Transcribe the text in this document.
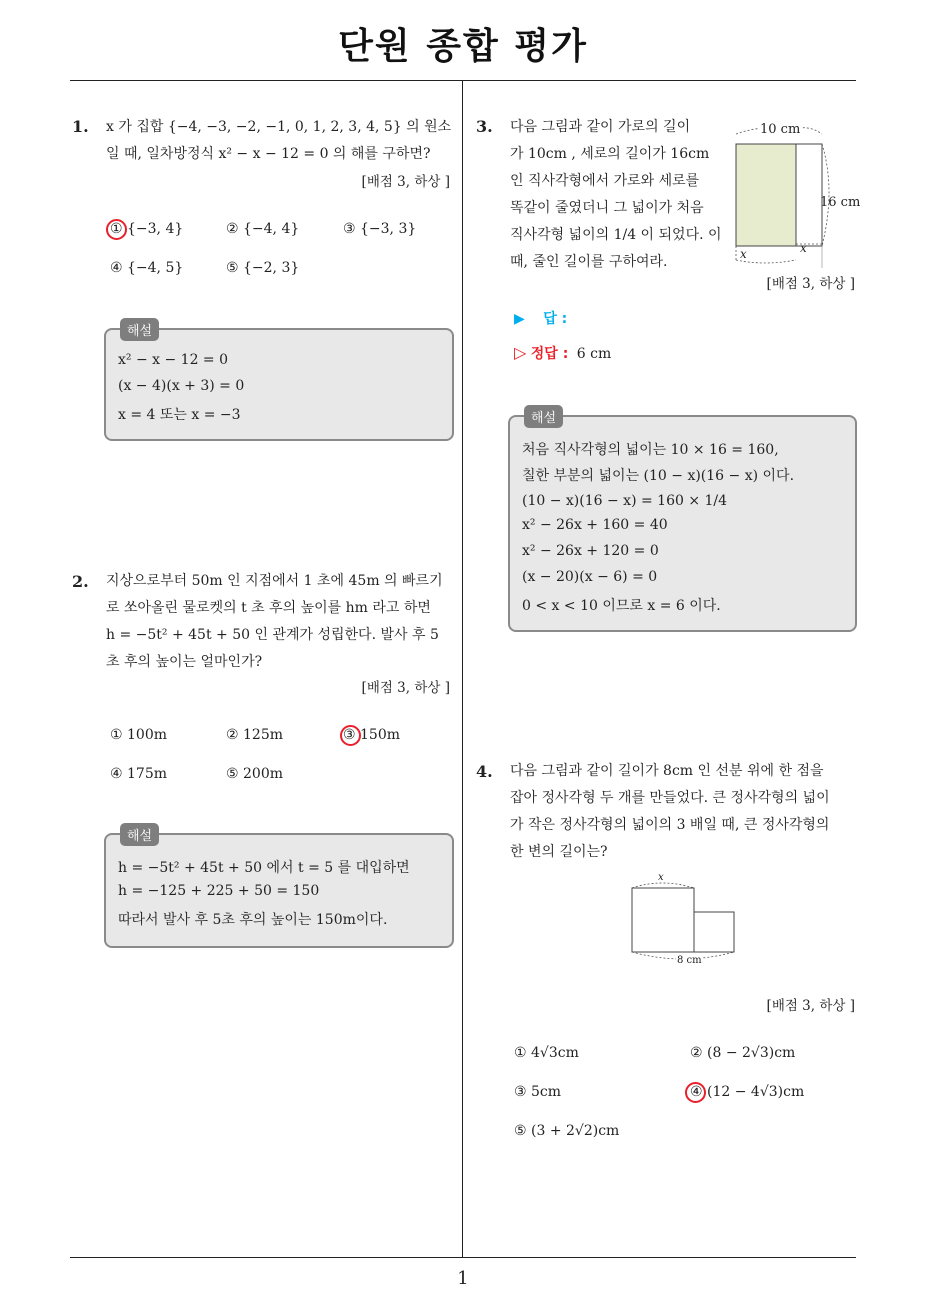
단원 종합 평가
1. x 가 집합 {−4, −3, −2, −1, 0, 1, 2, 3, 4, 5} 의 원소
일 때, 일차방정식 x² − x − 12 = 0 의 해를 구하면?
[배점 3, 하상 ]
① {−3, 4}	② {−4, 4}	③ {−3, 3}
④ {−4, 5}	⑤ {−2, 3}
해설
x² − x − 12 = 0
(x − 4)(x + 3) = 0
x = 4 또는 x = −3
2. 지상으로부터 50m 인 지점에서 1 초에 45m 의 빠르기
로 쏘아올린 물로켓의 t 초 후의 높이를 hm 라고 하면
h = −5t² + 45t + 50 인 관계가 성립한다. 발사 후 5
초 후의 높이는 얼마인가?
[배점 3, 하상 ]
① 100m	② 125m	③ 150m
④ 175m	⑤ 200m
해설
h = −5t² + 45t + 50 에서 t = 5 를 대입하면
h = −125 + 225 + 50 = 150
따라서 발사 후 5초 후의 높이는 150m이다.
3. 다음 그림과 같이 가로의 길이
가 10cm , 세로의 길이가 16cm
인 직사각형에서 가로와 세로를
똑같이 줄였더니 그 넓이가 처음
직사각형 넓이의 1/4 이 되었다. 이
때, 줄인 길이를 구하여라.
10 cm
16 cm
x	x
[배점 3, 하상 ]
▶ 답 :
▷ 정답 : 6 cm
해설
처음 직사각형의 넓이는 10 × 16 = 160,
칠한 부분의 넓이는 (10 − x)(16 − x) 이다.
(10 − x)(16 − x) = 160 × 1/4
x² − 26x + 160 = 40
x² − 26x + 120 = 0
(x − 20)(x − 6) = 0
0 < x < 10 이므로 x = 6 이다.
4. 다음 그림과 같이 길이가 8cm 인 선분 위에 한 점을
잡아 정사각형 두 개를 만들었다. 큰 정사각형의 넓이
가 작은 정사각형의 넓이의 3 배일 때, 큰 정사각형의
한 변의 길이는?
x
8 cm
[배점 3, 하상 ]
① 4√3cm	② (8 − 2√3)cm
③ 5cm	④ (12 − 4√3)cm
⑤ (3 + 2√2)cm
1
